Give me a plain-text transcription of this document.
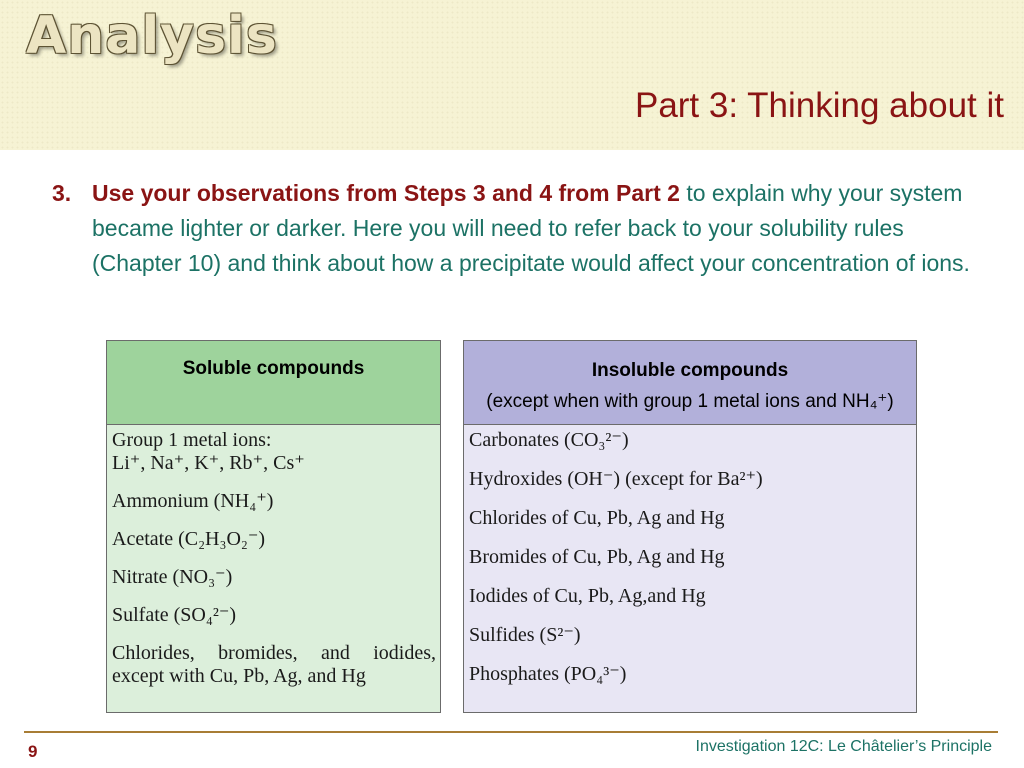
Analysis
Part 3: Thinking about it
3. Use your observations from Steps 3 and 4 from Part 2 to explain why your system became lighter or darker. Here you will need to refer back to your solubility rules (Chapter 10) and think about how a precipitate would affect your concentration of ions.
Soluble compounds

Group 1 metal ions:
Li⁺, Na⁺, K⁺, Rb⁺, Cs⁺
Ammonium (NH₄⁺)
Acetate (C₂H₃O₂⁻)
Nitrate (NO₃⁻)
Sulfate (SO₄²⁻)
Chlorides, bromides, and iodides,
except with Cu, Pb, Ag, and Hg
Insoluble compounds
(except when with group 1 metal ions and NH₄⁺)

Carbonates (CO₃²⁻)
Hydroxides (OH⁻) (except for Ba²⁺)
Chlorides of Cu, Pb, Ag and Hg
Bromides of Cu, Pb, Ag and Hg
Iodides of Cu, Pb, Ag,and Hg
Sulfides (S²⁻)
Phosphates (PO₄³⁻)
9	Investigation 12C: Le Châtelier’s Principle
